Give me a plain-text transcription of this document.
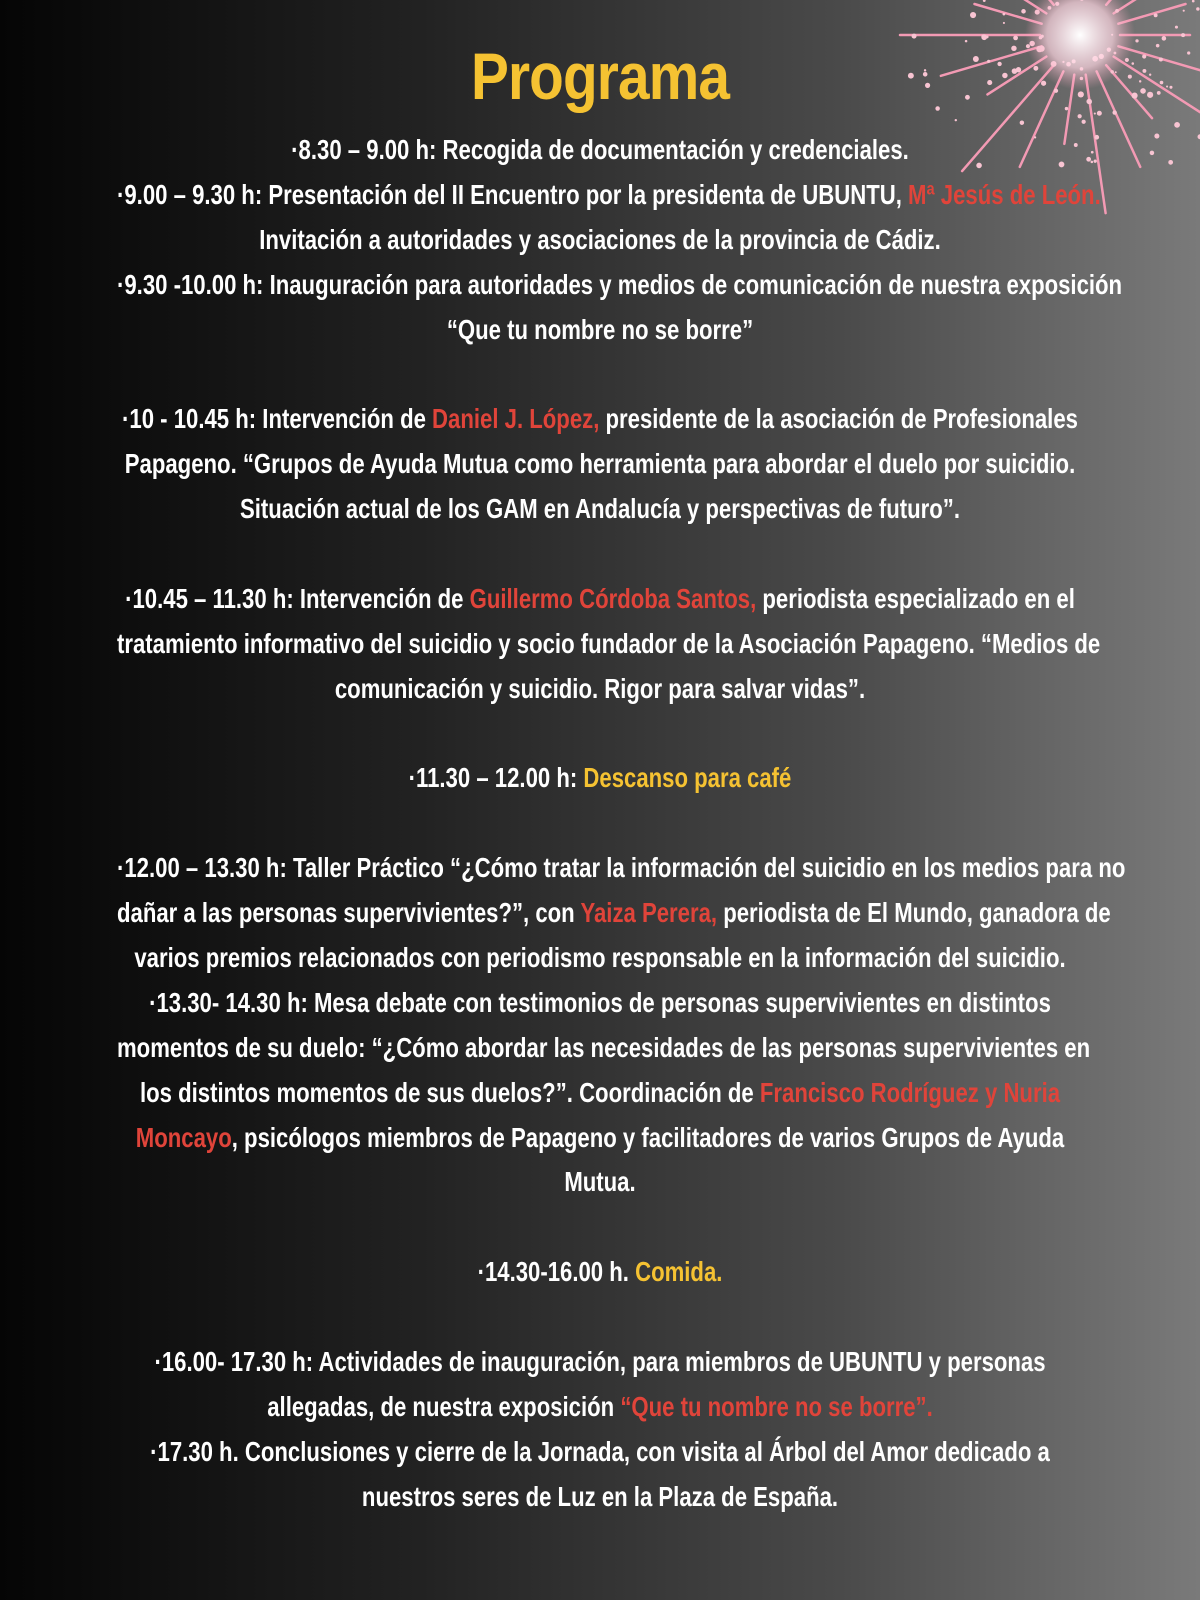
Programa
·8.30 – 9.00 h: Recogida de documentación y credenciales.
·9.00 – 9.30 h: Presentación del II Encuentro por la presidenta de UBUNTU, Mª Jesús de León.
Invitación a autoridades y asociaciones de la provincia de Cádiz.
·9.30 -10.00 h: Inauguración para autoridades y medios de comunicación de nuestra exposición
“Que tu nombre no se borre”
·10 - 10.45 h: Intervención de Daniel J. López, presidente de la asociación de Profesionales
Papageno. “Grupos de Ayuda Mutua como herramienta para abordar el duelo por suicidio.
Situación actual de los GAM en Andalucía y perspectivas de futuro”.
·10.45 – 11.30 h: Intervención de Guillermo Córdoba Santos, periodista especializado en el
tratamiento informativo del suicidio y socio fundador de la Asociación Papageno. “Medios de
comunicación y suicidio. Rigor para salvar vidas”.
·11.30 – 12.00 h: Descanso para café
·12.00 – 13.30 h: Taller Práctico “¿Cómo tratar la información del suicidio en los medios para no
dañar a las personas supervivientes?”, con Yaiza Perera, periodista de El Mundo, ganadora de
varios premios relacionados con periodismo responsable en la información del suicidio.
·13.30- 14.30 h: Mesa debate con testimonios de personas supervivientes en distintos
momentos de su duelo: “¿Cómo abordar las necesidades de las personas supervivientes en
los distintos momentos de sus duelos?”. Coordinación de Francisco Rodríguez y Nuria
Moncayo, psicólogos miembros de Papageno y facilitadores de varios Grupos de Ayuda
Mutua.
·14.30-16.00 h. Comida.
·16.00- 17.30 h: Actividades de inauguración, para miembros de UBUNTU y personas
allegadas, de nuestra exposición “Que tu nombre no se borre”.
·17.30 h. Conclusiones y cierre de la Jornada, con visita al Árbol del Amor dedicado a
nuestros seres de Luz en la Plaza de España.
